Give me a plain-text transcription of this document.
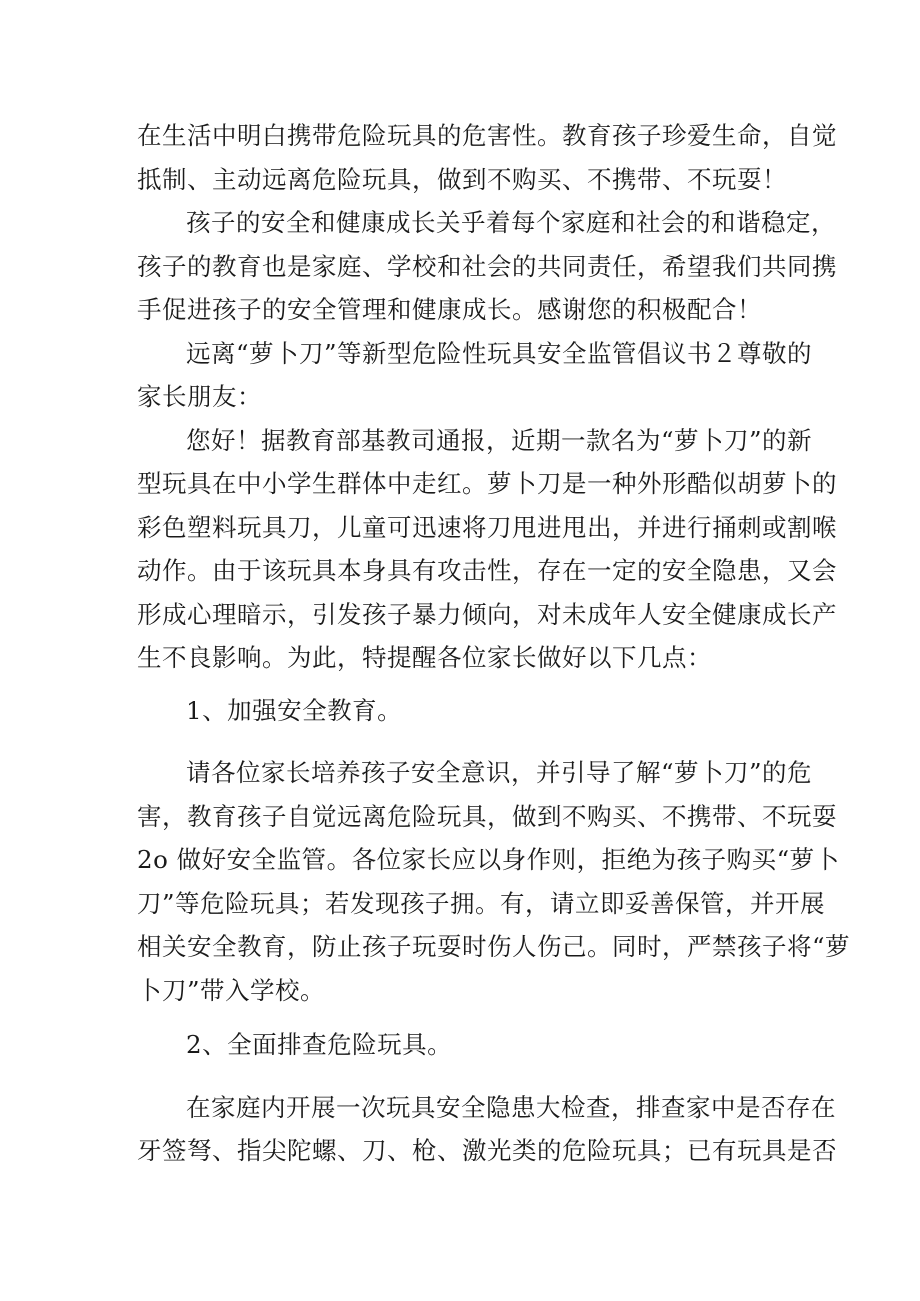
在生活中明白携带危险玩具的危害性。教育孩子珍爱生命，自觉
抵制、主动远离危险玩具，做到不购买、不携带、不玩耍！
孩子的安全和健康成长关乎着每个家庭和社会的和谐稳定，
孩子的教育也是家庭、学校和社会的共同责任，希望我们共同携
手促进孩子的安全管理和健康成长。感谢您的积极配合！
远离“萝卜刀”等新型危险性玩具安全监管倡议书２尊敬的
家长朋友：
您好！据教育部基教司通报，近期一款名为“萝卜刀”的新
型玩具在中小学生群体中走红。萝卜刀是一种外形酷似胡萝卜的
彩色塑料玩具刀，儿童可迅速将刀甩进甩出，并进行捅刺或割喉
动作。由于该玩具本身具有攻击性，存在一定的安全隐患，又会
形成心理暗示，引发孩子暴力倾向，对未成年人安全健康成长产
生不良影响。为此，特提醒各位家长做好以下几点：
1、加强安全教育。
请各位家长培养孩子安全意识，并引导了解“萝卜刀”的危
害，教育孩子自觉远离危险玩具，做到不购买、不携带、不玩耍
2o 做好安全监管。各位家长应以身作则，拒绝为孩子购买“萝卜
刀”等危险玩具；若发现孩子拥。有，请立即妥善保管，并开展
相关安全教育，防止孩子玩耍时伤人伤己。同时，严禁孩子将“萝
卜刀”带入学校。
2、全面排查危险玩具。
在家庭内开展一次玩具安全隐患大检查，排查家中是否存在
牙签弩、指尖陀螺、刀、枪、激光类的危险玩具；已有玩具是否
